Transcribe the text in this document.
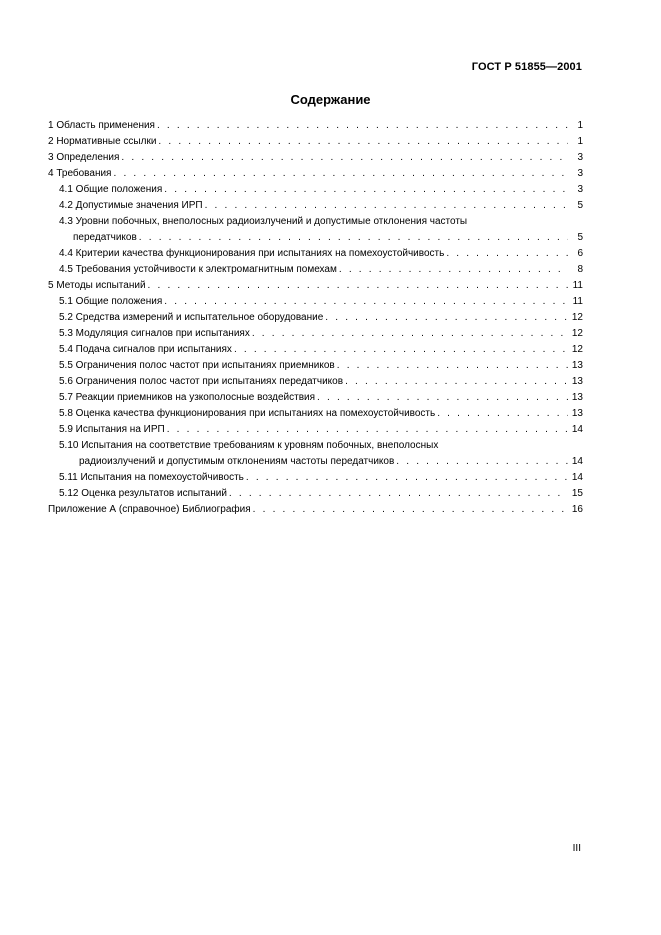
ГОСТ Р 51855—2001
Содержание
1 Область применения . . .	1
2 Нормативные ссылки . . .	1
3 Определения . . .	3
4 Требования . . .	3
4.1 Общие положения . . .	3
4.2 Допустимые значения ИРП . . .	5
4.3 Уровни побочных, внеполосных радиоизлучений и допустимые отклонения частоты
передатчиков . . .	5
4.4 Критерии качества функционирования при испытаниях на помехоустойчивость . . .	6
4.5 Требования устойчивости к электромагнитным помехам . . .	8
5 Методы испытаний . . .	11
5.1 Общие положения . . .	11
5.2 Средства измерений и испытательное оборудование . . .	12
5.3 Модуляция сигналов при испытаниях . . .	12
5.4 Подача сигналов при испытаниях . . .	12
5.5 Ограничения полос частот при испытаниях приемников . . .	13
5.6 Ограничения полос частот при испытаниях передатчиков . . .	13
5.7 Реакции приемников на узкополосные воздействия . . .	13
5.8 Оценка качества функционирования при испытаниях на помехоустойчивость . . .	13
5.9 Испытания на ИРП . . .	14
5.10 Испытания на соответствие требованиям к уровням побочных, внеполосных
радиоизлучений и допустимым отклонениям частоты передатчиков . . .	14
5.11 Испытания на помехоустойчивость . . .	14
5.12 Оценка результатов испытаний . . .	15
Приложение А (справочное) Библиография . . .	16
III
